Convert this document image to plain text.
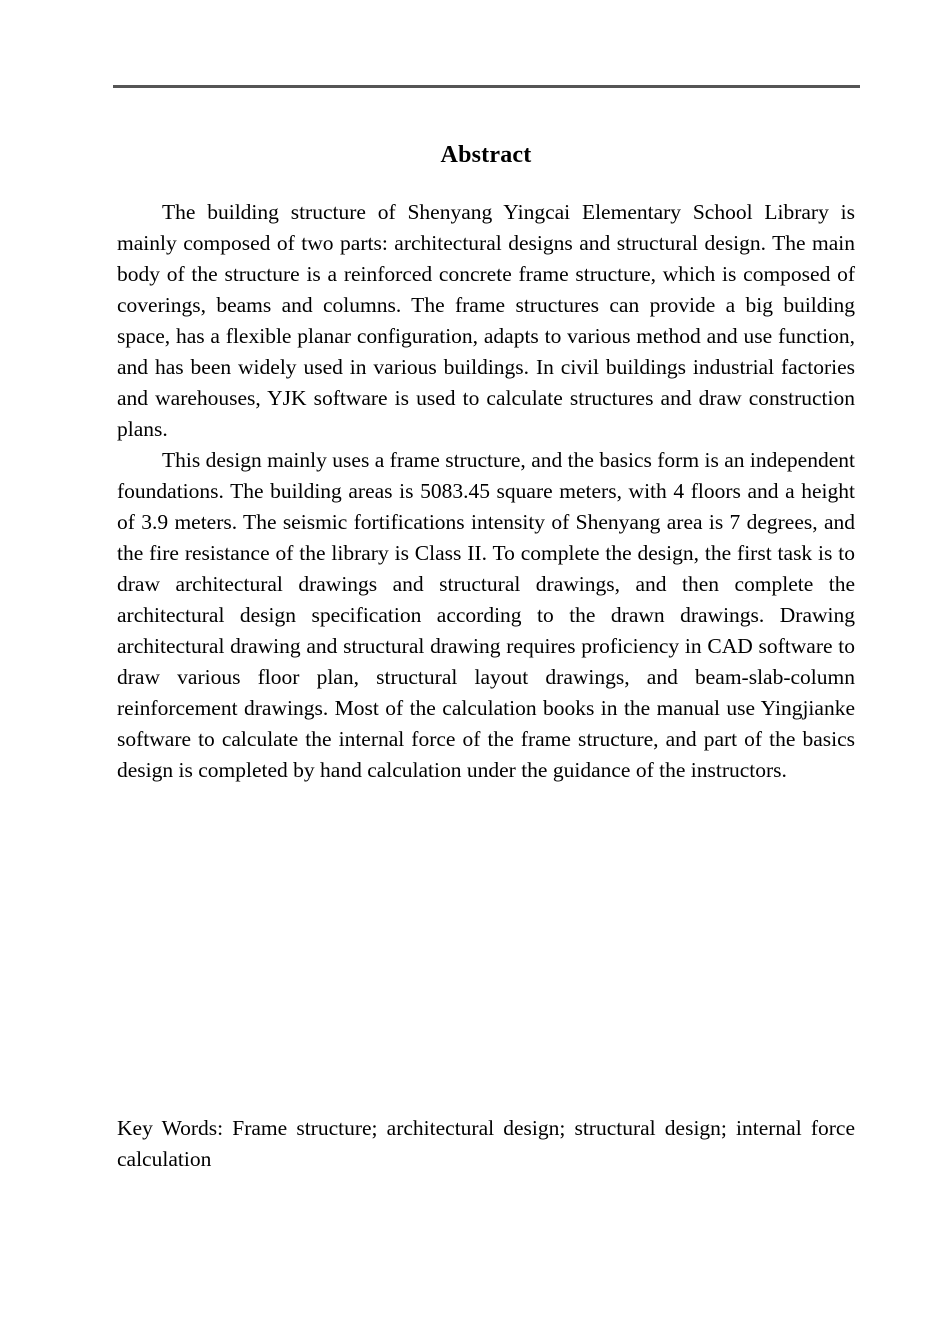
Abstract

The building structure of Shenyang Yingcai Elementary School Library is mainly composed of two parts: architectural designs and structural design. The main body of the structure is a reinforced concrete frame structure, which is composed of coverings, beams and columns. The frame structures can provide a big building space, has a flexible planar configuration, adapts to various method and use function, and has been widely used in various buildings. In civil buildings industrial factories and warehouses, YJK software is used to calculate structures and draw construction plans.

This design mainly uses a frame structure, and the basics form is an independent foundations. The building areas is 5083.45 square meters, with 4 floors and a height of 3.9 meters. The seismic fortifications intensity of Shenyang area is 7 degrees, and the fire resistance of the library is Class II. To complete the design, the first task is to draw architectural drawings and structural drawings, and then complete the architectural design specification according to the drawn drawings. Drawing architectural drawing and structural drawing requires proficiency in CAD software to draw various floor plan, structural layout drawings, and beam-slab-column reinforcement drawings. Most of the calculation books in the manual use Yingjianke software to calculate the internal force of the frame structure, and part of the basics design is completed by hand calculation under the guidance of the instructors.

Key Words: Frame structure; architectural design; structural design; internal force calculation
